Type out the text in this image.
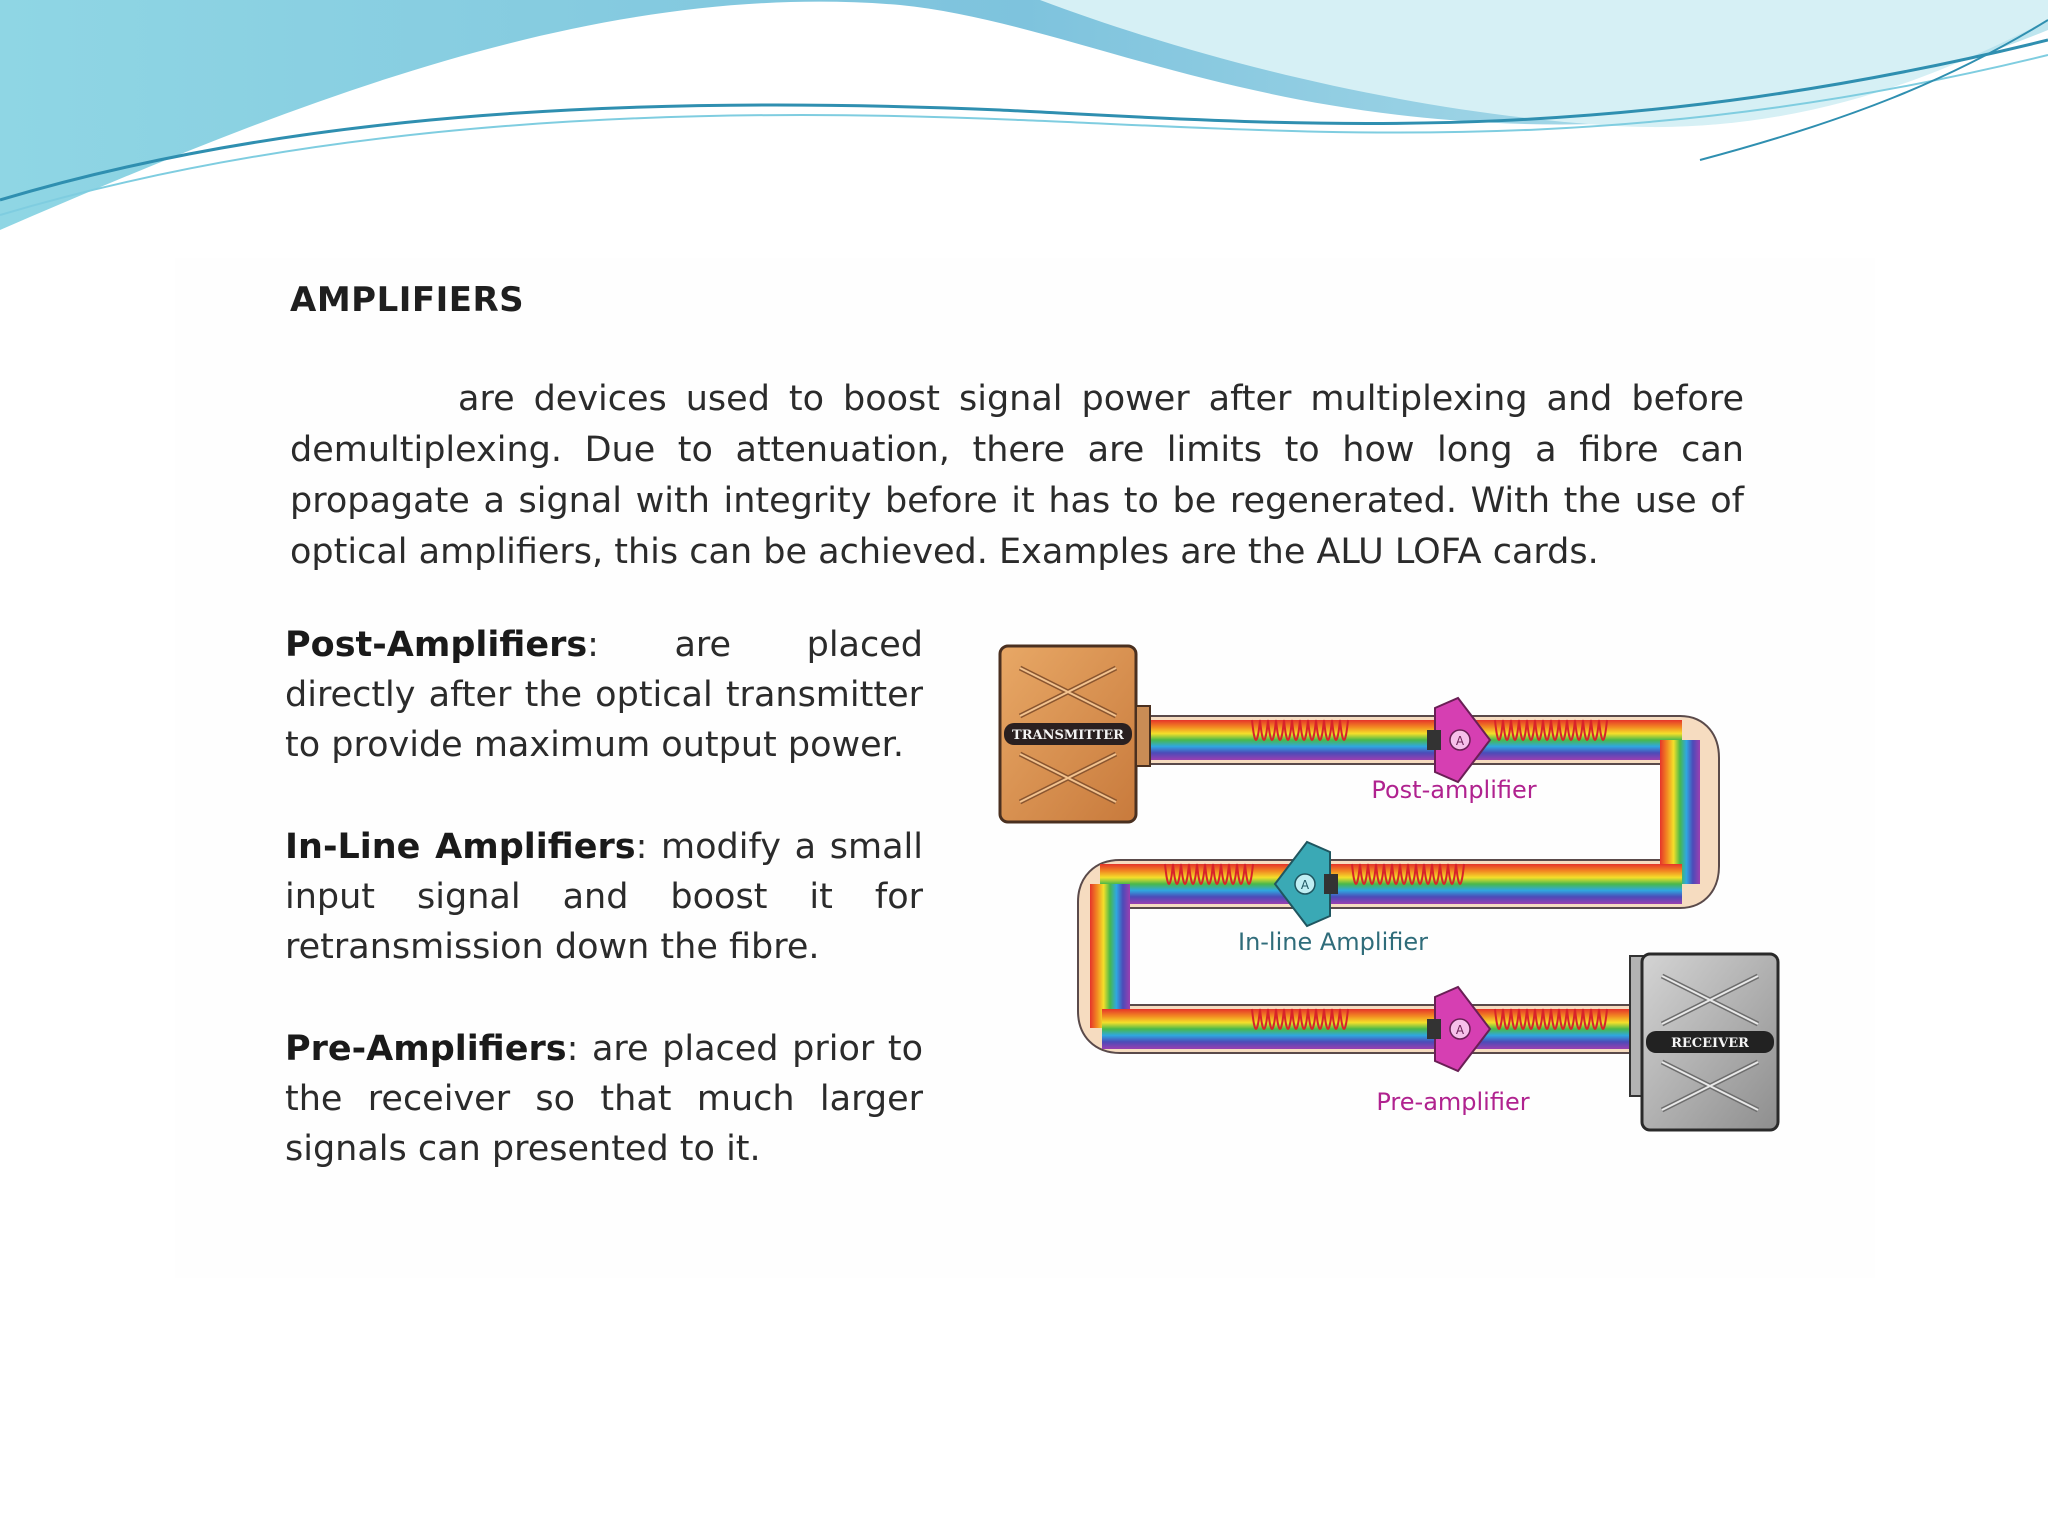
AMPLIFIERS
are devices used to boost signal power after multiplexing and before demultiplexing. Due to attenuation, there are limits to how long a fibre can propagate a signal with integrity before it has to be regenerated. With the use of optical amplifiers, this can be achieved. Examples are the ALU LOFA cards.
Post-Amplifiers: are placed directly after the optical transmitter to provide maximum output power.
In-Line Amplifiers: modify a small input signal and boost it for retransmission down the fibre.
Pre-Amplifiers: are placed prior to the receiver so that much larger signals can presented to it.
TRANSMITTER
RECEIVER
A
Post-amplifier
A
In-line Amplifier
A
Pre-amplifier
